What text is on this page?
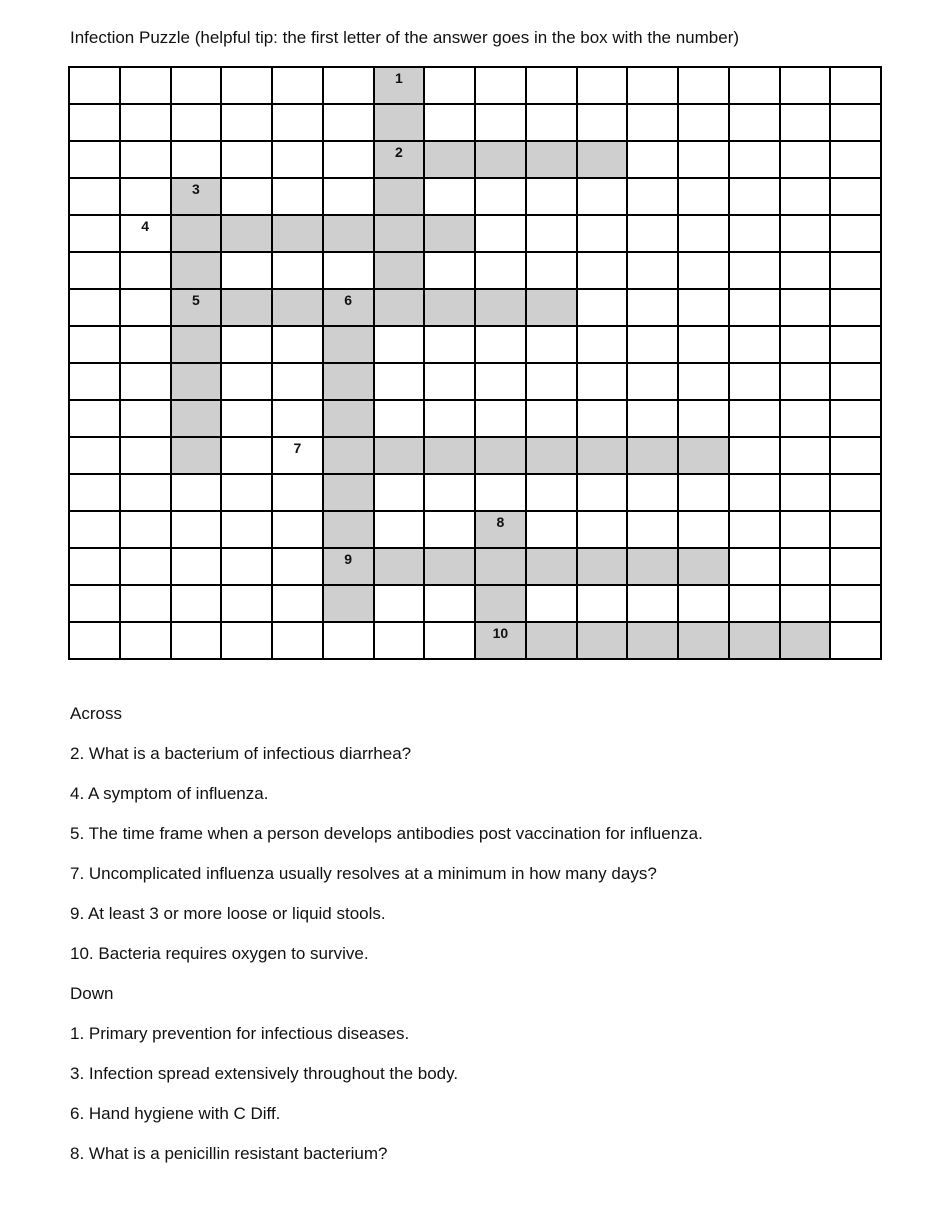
Infection Puzzle (helpful tip: the first letter of the answer goes in the box with the number)
1
2
3
4
5	6
7
8
9
10
Across
2. What is a bacterium of infectious diarrhea?
4. A symptom of influenza.
5. The time frame when a person develops antibodies post vaccination for influenza.
7. Uncomplicated influenza usually resolves at a minimum in how many days?
9. At least 3 or more loose or liquid stools.
10. Bacteria requires oxygen to survive.
Down
1. Primary prevention for infectious diseases.
3. Infection spread extensively throughout the body.
6. Hand hygiene with C Diff.
8. What is a penicillin resistant bacterium?
